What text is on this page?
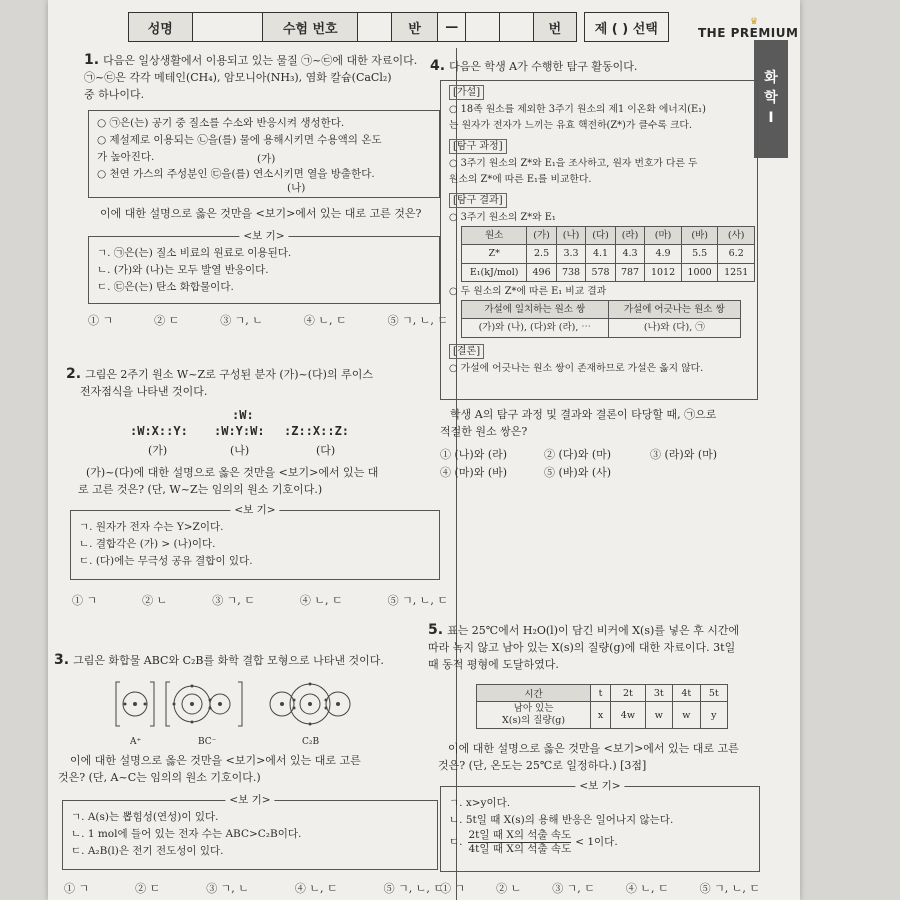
성명	수험 번호	반	—	번	제 ( ) 선택	♛
THE PREMIUM
화
학
Ⅰ
1. 다음은 일상생활에서 이용되고 있는 물질 ㉠~㉢에 대한 자료이다.
㉠~㉢은 각각 메테인(CH₄), 암모니아(NH₃), 염화 칼슘(CaCl₂)
중 하나이다.
○ ㉠은(는) 공기 중 질소를 수소와 반응시켜 생성한다.
○ 제설제로 이용되는 ㉡을(를) 물에 용해시키면 수용액의 온도
가 높아진다.	(가)
○ 천연 가스의 주성분인 ㉢을(를) 연소시키면 열을 방출한다.
(나)
이에 대한 설명으로 옳은 것만을 <보기>에서 있는 대로 고른 것은?
<보 기>
ㄱ. ㉠은(는) 질소 비료의 원료로 이용된다.
ㄴ. (가)와 (나)는 모두 발열 반응이다.
ㄷ. ㉢은(는) 탄소 화합물이다.
① ㄱ	② ㄷ	③ ㄱ, ㄴ	④ ㄴ, ㄷ	⑤ ㄱ, ㄴ, ㄷ
2. 그림은 2주기 원소 W~Z로 구성된 분자 (가)~(다)의 루이스
전자점식을 나타낸 것이다.
:W:X::Y:
(가)
:W:
:W:Y:W:
(나)
:Z::X::Z:
(다)
(가)~(다)에 대한 설명으로 옳은 것만을 <보기>에서 있는 대
로 고른 것은? (단, W~Z는 임의의 원소 기호이다.)
<보 기>
ㄱ. 원자가 전자 수는 Y>Z이다.
ㄴ. 결합각은 (가) > (나)이다.
ㄷ. (다)에는 무극성 공유 결합이 있다.
① ㄱ	② ㄴ	③ ㄱ, ㄷ	④ ㄴ, ㄷ	⑤ ㄱ, ㄴ, ㄷ
3. 그림은 화합물 ABC와 C₂B를 화학 결합 모형으로 나타낸 것이다.
A⁺	BC⁻	C₂B
이에 대한 설명으로 옳은 것만을 <보기>에서 있는 대로 고른
것은? (단, A~C는 임의의 원소 기호이다.)
<보 기>
ㄱ. A(s)는 뽑힘성(연성)이 있다.
ㄴ. 1 mol에 들어 있는 전자 수는 ABC>C₂B이다.
ㄷ. A₂B(l)은 전기 전도성이 있다.
① ㄱ	② ㄷ	③ ㄱ, ㄴ	④ ㄴ, ㄷ	⑤ ㄱ, ㄴ, ㄷ
4. 다음은 학생 A가 수행한 탐구 활동이다.
[가설]
○ 18족 원소를 제외한 3주기 원소의 제1 이온화 에너지(E₁)
는 원자가 전자가 느끼는 유효 핵전하(Z*)가 클수록 크다.
[탐구 과정]
○ 3주기 원소의 Z*와 E₁을 조사하고, 원자 번호가 다른 두
원소의 Z*에 따른 E₁를 비교한다.
[탐구 결과]
○ 3주기 원소의 Z*와 E₁
원소	(가)	(나)	(다)	(라)	(마)	(바)	(사)
Z*	2.5	3.3	4.1	4.3	4.9	5.5	6.2
E₁(kJ/mol)	496	738	578	787	1012	1000	1251
○ 두 원소의 Z*에 따른 E₁ 비교 결과
가설에 일치하는 원소 쌍	가설에 어긋나는 원소 쌍
(가)와 (나), (다)와 (라), ⋯	(나)와 (다), ㉠
[결론]
○ 가설에 어긋나는 원소 쌍이 존재하므로 가설은 옳지 않다.
학생 A의 탐구 과정 및 결과와 결론이 타당할 때, ㉠으로
적절한 원소 쌍은?
① (나)와 (라)	② (다)와 (마)	③ (라)와 (마)
④ (마)와 (바)	⑤ (바)와 (사)
5. 표는 25℃에서 H₂O(l)이 담긴 비커에 X(s)를 넣은 후 시간에
따라 녹지 않고 남아 있는 X(s)의 질량(g)에 대한 자료이다. 3t일
때 동적 평형에 도달하였다.
시간	t	2t	3t	4t	5t
남아 있는
X(s)의 질량(g)	x	4w	w	w	y
이에 대한 설명으로 옳은 것만을 <보기>에서 있는 대로 고른
것은? (단, 온도는 25℃로 일정하다.) [3점]
<보 기>
ㄱ. x>y이다.
ㄴ. 5t일 때 X(s)의 용해 반응은 일어나지 않는다.
ㄷ.
2t일 때 X의 석출 속도
4t일 때 X의 석출 속도
< 1이다.
① ㄱ	② ㄴ	③ ㄱ, ㄷ	④ ㄴ, ㄷ	⑤ ㄱ, ㄴ, ㄷ
